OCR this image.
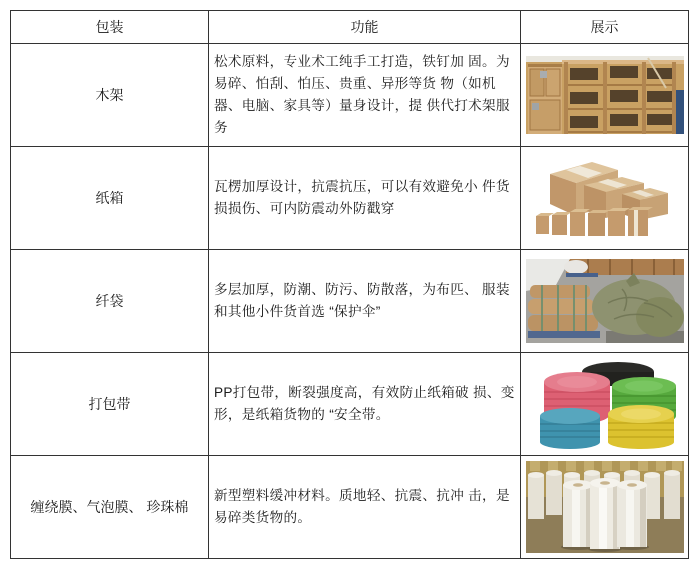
包装	功能	展示
木架	松术原料，专业术工纯手工打造，铁钉加 固。为易碎、怕刮、怕压、贵重、异形等货 物（如机器、电脑、家具等）量身设计，提 供代打术架服务	

纸箱	瓦楞加厚设计，抗震抗压，可以有效避免小 件货损损伤、可内防震动外防戳穿	

纤袋	多层加厚，防潮、防污、防散落，为布匹、 服装和其他小件货首选 “保护伞”	

打包带	PP打包带，断裂强度高，有效防止纸箱破 损、变形，是纸箱货物的 “安全带。	

缠绕膜、气泡膜、 珍珠棉	新型塑料缓冲材料。质地轻、抗震、抗冲 击，是易碎类货物的。	
